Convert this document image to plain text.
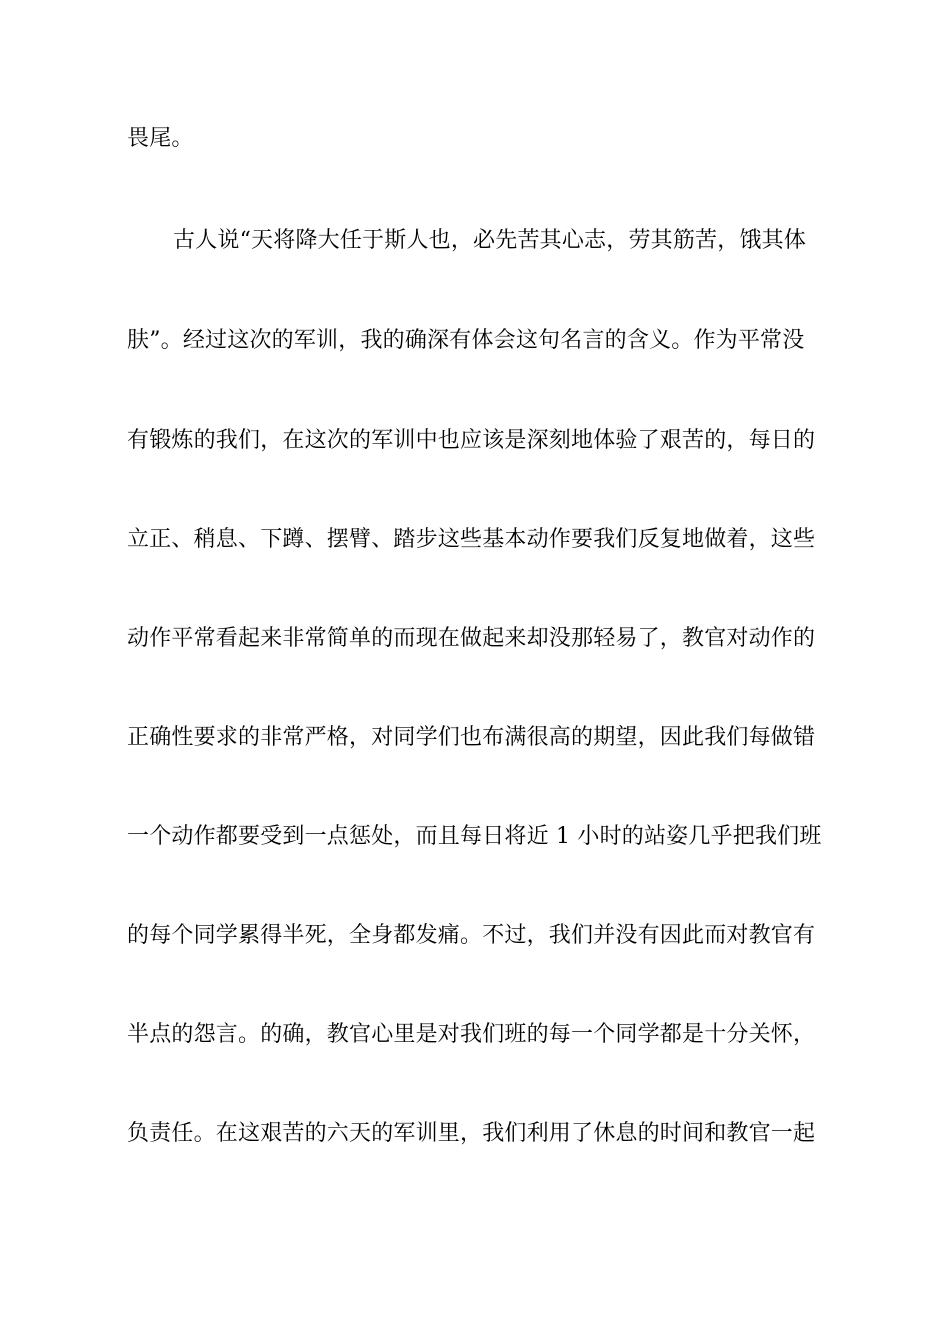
畏尾。
古人说“天将降大任于斯人也，必先苦其心志，劳其筋苦，饿其体
肤”。经过这次的军训，我的确深有体会这句名言的含义。作为平常没
有锻炼的我们，在这次的军训中也应该是深刻地体验了艰苦的，每日的
立正、稍息、下蹲、摆臂、踏步这些基本动作要我们反复地做着，这些
动作平常看起来非常简单的而现在做起来却没那轻易了，教官对动作的
正确性要求的非常严格，对同学们也布满很高的期望，因此我们每做错
一个动作都要受到一点惩处，而且每日将近 1 小时的站姿几乎把我们班
的每个同学累得半死，全身都发痛。不过，我们并没有因此而对教官有
半点的怨言。的确，教官心里是对我们班的每一个同学都是十分关怀，
负责任。在这艰苦的六天的军训里，我们利用了休息的时间和教官一起
